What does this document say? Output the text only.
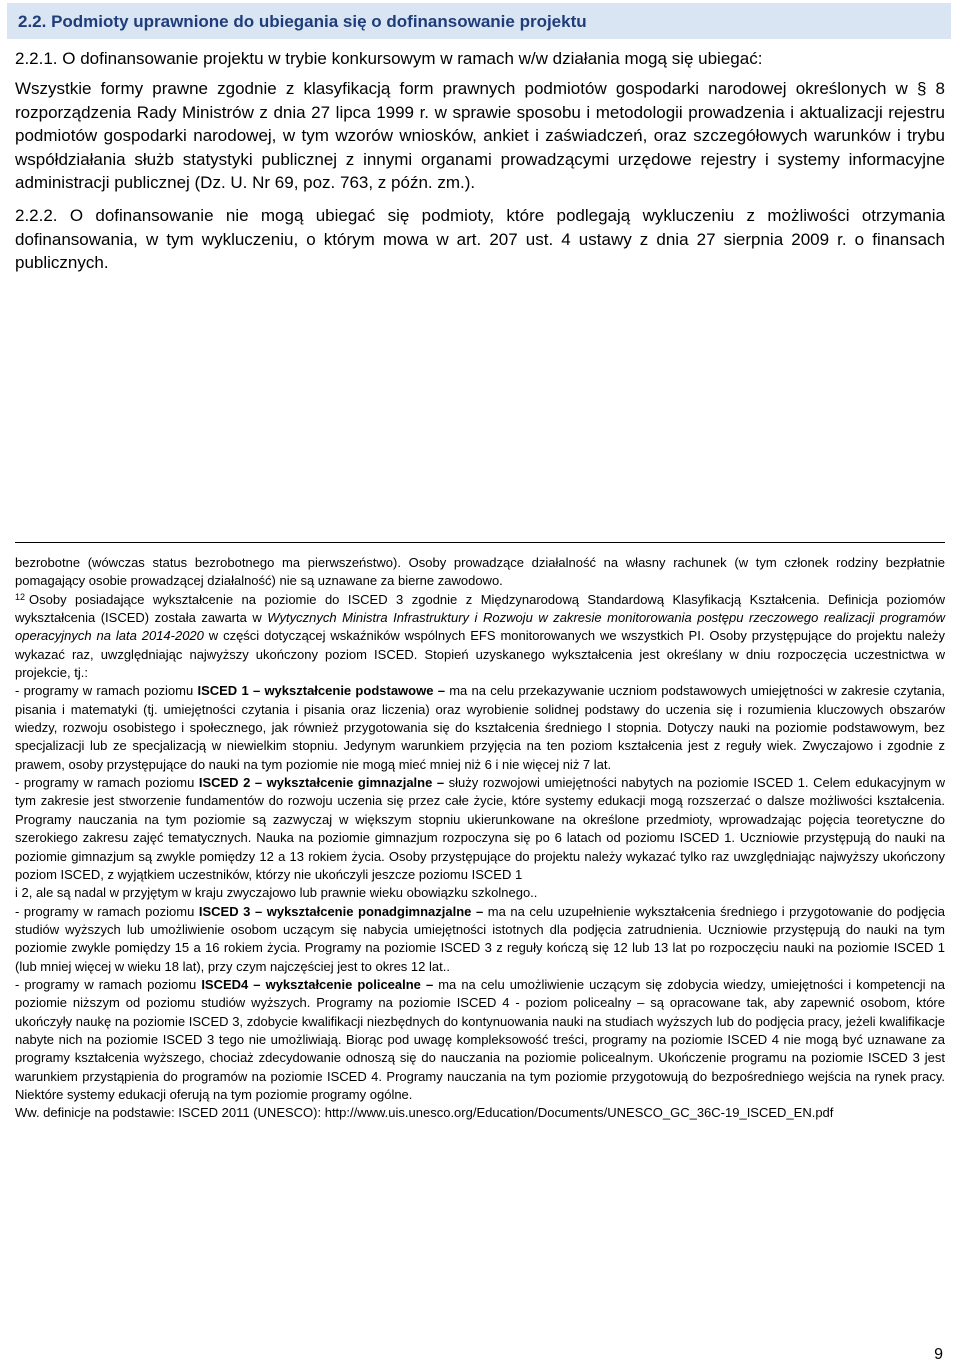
2.2. Podmioty uprawnione do ubiegania się o dofinansowanie projektu

2.2.1. O dofinansowanie projektu w trybie konkursowym w ramach w/w działania mogą się ubiegać:

Wszystkie formy prawne zgodnie z klasyfikacją form prawnych podmiotów gospodarki narodowej określonych w § 8 rozporządzenia Rady Ministrów z dnia 27 lipca 1999 r. w sprawie sposobu i metodologii prowadzenia i aktualizacji rejestru podmiotów gospodarki narodowej, w tym wzorów wniosków, ankiet i zaświadczeń, oraz szczegółowych warunków i trybu współdziałania służb statystyki publicznej z innymi organami prowadzącymi urzędowe rejestry i systemy informacyjne administracji publicznej (Dz. U. Nr 69, poz. 763, z późn. zm.).

2.2.2. O dofinansowanie nie mogą ubiegać się podmioty, które podlegają wykluczeniu z możliwości otrzymania dofinansowania, w tym wykluczeniu, o którym mowa w art. 207 ust. 4 ustawy z dnia 27 sierpnia 2009 r. o finansach publicznych.

bezrobotne (wówczas status bezrobotnego ma pierwszeństwo). Osoby prowadzące działalność na własny rachunek (w tym członek rodziny bezpłatnie pomagający osobie prowadzącej działalność) nie są uznawane za bierne zawodowo.

$^{12}$ Osoby posiadające wykształcenie na poziomie do ISCED 3 zgodnie z Międzynarodową Standardową Klasyfikacją Kształcenia. Definicja poziomów wykształcenia (ISCED) została zawarta w Wytycznych Ministra Infrastruktury i Rozwoju w zakresie monitorowania postępu rzeczowego realizacji programów operacyjnych na lata 2014-2020 w części dotyczącej wskaźników wspólnych EFS monitorowanych we wszystkich PI. Osoby przystępujące do projektu należy wykazać raz, uwzględniając najwyższy ukończony poziom ISCED. Stopień uzyskanego wykształcenia jest określany w dniu rozpoczęcia uczestnictwa w projekcie, tj.:

- programy w ramach poziomu ISCED 1 – wykształcenie podstawowe – ma na celu przekazywanie uczniom podstawowych umiejętności w zakresie czytania, pisania i matematyki (tj. umiejętności czytania i pisania oraz liczenia) oraz wyrobienie solidnej podstawy do uczenia się i rozumienia kluczowych obszarów wiedzy, rozwoju osobistego i społecznego, jak również przygotowania się do kształcenia średniego I stopnia. Dotyczy nauki na poziomie podstawowym, bez specjalizacji lub ze specjalizacją w niewielkim stopniu. Jedynym warunkiem przyjęcia na ten poziom kształcenia jest z reguły wiek. Zwyczajowo i zgodnie z prawem, osoby przystępujące do nauki na tym poziomie nie mogą mieć mniej niż 6 i nie więcej niż 7 lat.

- programy w ramach poziomu ISCED 2 – wykształcenie gimnazjalne – służy rozwojowi umiejętności nabytych na poziomie ISCED 1. Celem edukacyjnym w tym zakresie jest stworzenie fundamentów do rozwoju uczenia się przez całe życie, które systemy edukacji mogą rozszerzać o dalsze możliwości kształcenia. Programy nauczania na tym poziomie są zazwyczaj w większym stopniu ukierunkowane na określone przedmioty, wprowadzając pojęcia teoretyczne do szerokiego zakresu zajęć tematycznych. Nauka na poziomie gimnazjum rozpoczyna się po 6 latach od poziomu ISCED 1. Uczniowie przystępują do nauki na poziomie gimnazjum są zwykle pomiędzy 12 a 13 rokiem życia. Osoby przystępujące do projektu należy wykazać tylko raz uwzględniając najwyższy ukończony poziom ISCED, z wyjątkiem uczestników, którzy nie ukończyli jeszcze poziomu ISCED 1

i 2, ale są nadal w przyjętym w kraju zwyczajowo lub prawnie wieku obowiązku szkolnego..

- programy w ramach poziomu ISCED 3 – wykształcenie ponadgimnazjalne – ma na celu uzupełnienie wykształcenia średniego i przygotowanie do podjęcia studiów wyższych lub umożliwienie osobom uczącym się nabycia umiejętności istotnych dla podjęcia zatrudnienia. Uczniowie przystępują do nauki na tym poziomie zwykle pomiędzy 15 a 16 rokiem życia. Programy na poziomie ISCED 3 z reguły kończą się 12 lub 13 lat po rozpoczęciu nauki na poziomie ISCED 1 (lub mniej więcej w wieku 18 lat), przy czym najczęściej jest to okres 12 lat..

- programy w ramach poziomu ISCED4 – wykształcenie policealne – ma na celu umożliwienie uczącym się zdobycia wiedzy, umiejętności i kompetencji na poziomie niższym od poziomu studiów wyższych. Programy na poziomie ISCED 4 - poziom policealny – są opracowane tak, aby zapewnić osobom, które ukończyły naukę na poziomie ISCED 3, zdobycie kwalifikacji niezbędnych do kontynuowania nauki na studiach wyższych lub do podjęcia pracy, jeżeli kwalifikacje nabyte nich na poziomie ISCED 3 tego nie umożliwiają. Biorąc pod uwagę kompleksowość treści, programy na poziomie ISCED 4 nie mogą być uznawane za programy kształcenia wyższego, chociaż zdecydowanie odnoszą się do nauczania na poziomie policealnym. Ukończenie programu na poziomie ISCED 3 jest warunkiem przystąpienia do programów na poziomie ISCED 4. Programy nauczania na tym poziomie przygotowują do bezpośredniego wejścia na rynek pracy. Niektóre systemy edukacji oferują na tym poziomie programy ogólne.

Ww. definicje na podstawie: ISCED 2011 (UNESCO): http://www.uis.unesco.org/Education/Documents/UNESCO_GC_36C-19_ISCED_EN.pdf

9
